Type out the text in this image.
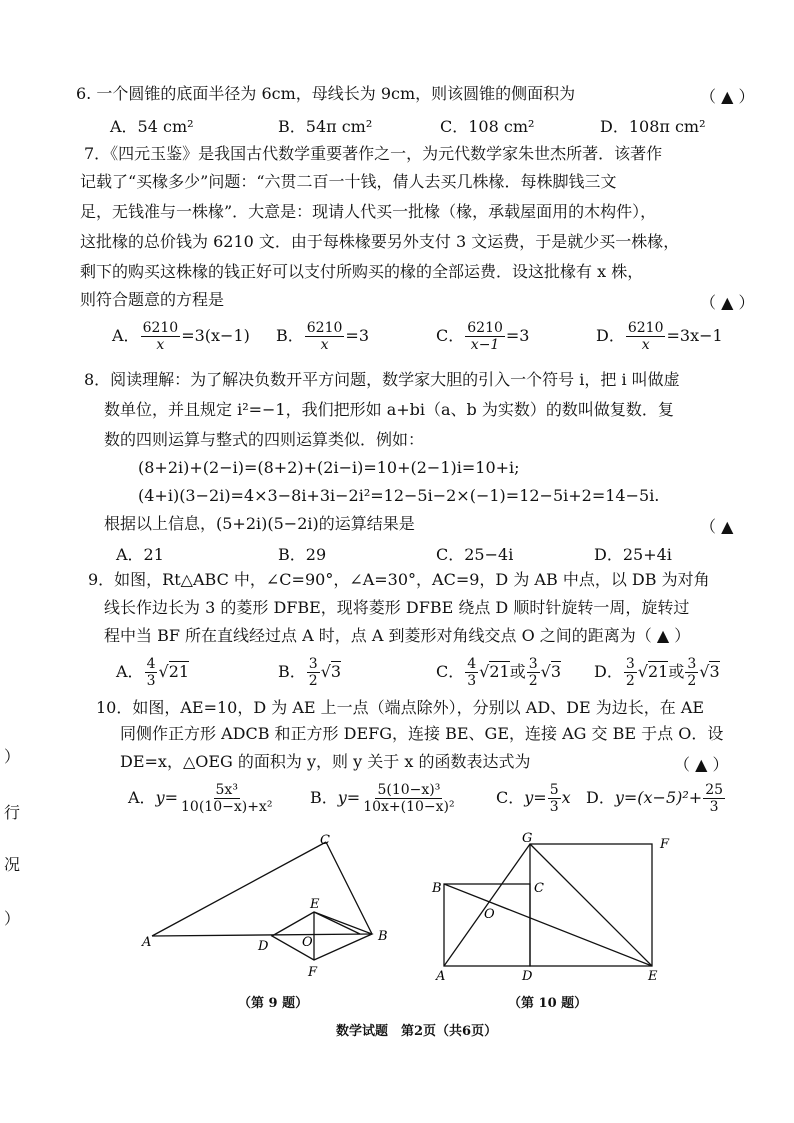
）
行
况
）
6. 一个圆锥的底面半径为 6cm，母线长为 9cm，则该圆锥的侧面积为	（ ▲ ）
A．54 cm²	B．54π cm²	C．108 cm²	D．108π cm²
7．《四元玉鉴》是我国古代数学重要著作之一，为元代数学家朱世杰所著．该著作
记载了“买椽多少”问题：“六贯二百一十钱，倩人去买几株椽．每株脚钱三文
足，无钱准与一株椽”．大意是：现请人代买一批椽（椽，承载屋面用的木构件），
这批椽的总价钱为 6210 文．由于每株椽要另外支付 3 文运费，于是就少买一株椽，
剩下的购买这株椽的钱正好可以支付所购买的椽的全部运费．设这批椽有 x 株，
则符合题意的方程是	（ ▲ ）
A． $\frac{6210}{x} =3(x-1)$ B． $\frac{6210}{x} =3$	C． $\frac{6210}{x-1} =3$	D． $\frac{6210}{x} =3x-1$
8．阅读理解：为了解决负数开平方问题，数学家大胆的引入一个符号 i，把 i 叫做虚
数单位，并且规定 i²=−1，我们把形如 a+bi（a、b 为实数）的数叫做复数．复
数的四则运算与整式的四则运算类似．例如：
(8+2i)+(2−i)=(8+2)+(2i−i)=10+(2−1)i=10+i;
(4+i)(3−2i)=4×3−8i+3i−2i²=12−5i−2×(−1)=12−5i+2=14−5i.
根据以上信息，(5+2i)(5−2i)的运算结果是	（ ▲
A．21	B．29	C．25−4i	D．25+4i
9．如图，Rt△ABC 中，∠C=90°，∠A=30°，AC=9，D 为 AB 中点，以 DB 为对角
线长作边长为 3 的菱形 DFBE，现将菱形 DFBE 绕点 D 顺时针旋转一周，旋转过
程中当 BF 所在直线经过点 A 时，点 A 到菱形对角线交点 O 之间的距离为（ ▲ ）
A． $\frac{4}{3} √21$	B． $\frac{3}{2} √3$	C． $\frac{4}{3} √21$或 $\frac{3}{2} √3$ D． $\frac{3}{2} √21$或 $\frac{3}{2} √3$
10．如图，AE=10，D 为 AE 上一点（端点除外），分别以 AD、DE 为边长，在 AE
同侧作正方形 ADCB 和正方形 DEFG，连接 BE、GE，连接 AG 交 BE 于点 O．设
DE=x，△OEG 的面积为 y，则 y 关于 x 的函数表达式为	（ ▲ ）
A．$y= \frac{\text{5x³}}{\text{10(10−x)+x²}}$ B．$y= \frac{\text{5(10−x)³}}{\text{10x+(10−x)²}}$ C．$y= \frac{5}{3}$ x D．$y=(x-5)^2+ \frac{25}{3}$
C
A	D
E
O	B
F
（第 9 题）
G	F
B	C
O
A	D	E
（第 10 题）
数学试题　第2页（共6页）
